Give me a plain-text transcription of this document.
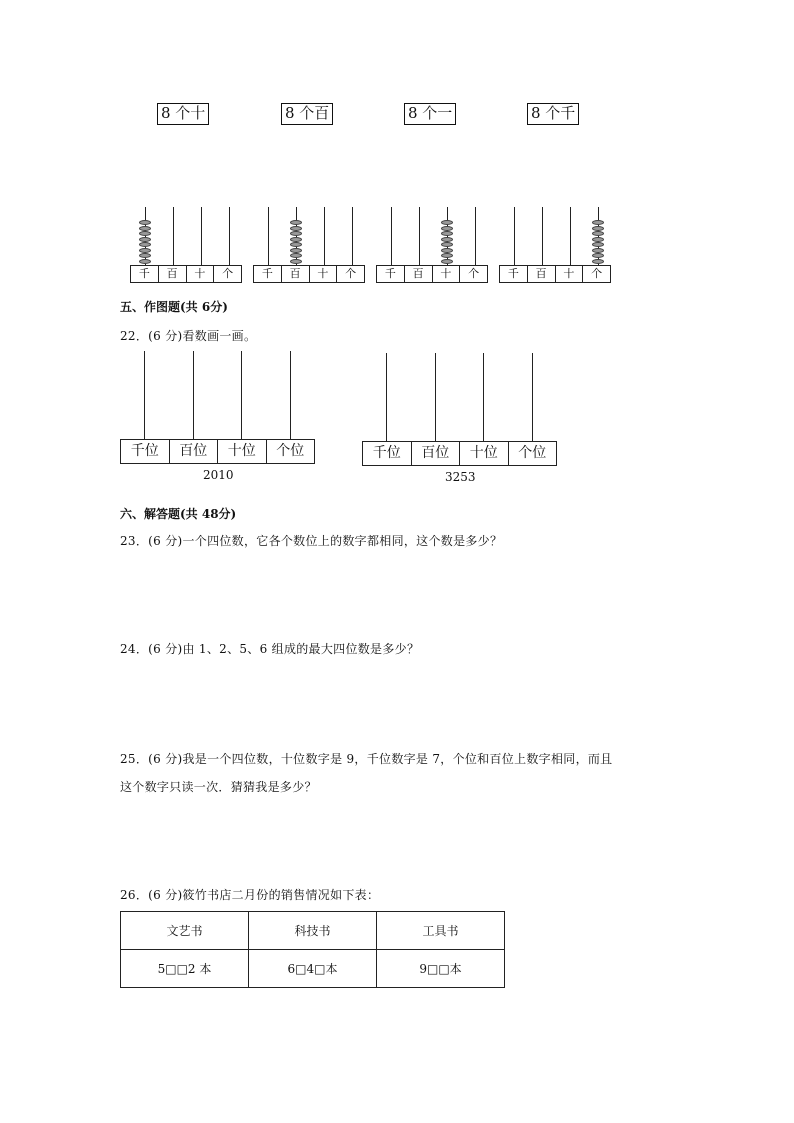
8 个十	8 个百	8 个一	8 个千
千	百	十	个	千	百	十	个	千	百	十	个	千	百	十	个
五、作图题(共 6分)
22．(6 分)看数画一画。
千位	百位	十位	个位
2010
千位	百位	十位	个位
3253
六、解答题(共 48分)
23．(6 分)一个四位数，它各个数位上的数字都相同，这个数是多少？
24．(6 分)由 1、2、5、6 组成的最大四位数是多少？
25．(6 分)我是一个四位数，十位数字是 9，千位数字是 7，个位和百位上数字相同，而且
这个数字只读一次．猜猜我是多少？
26．(6 分)筱竹书店二月份的销售情况如下表：
文艺书	科技书	工具书
5□□2 本	6□4□本	9□□本
